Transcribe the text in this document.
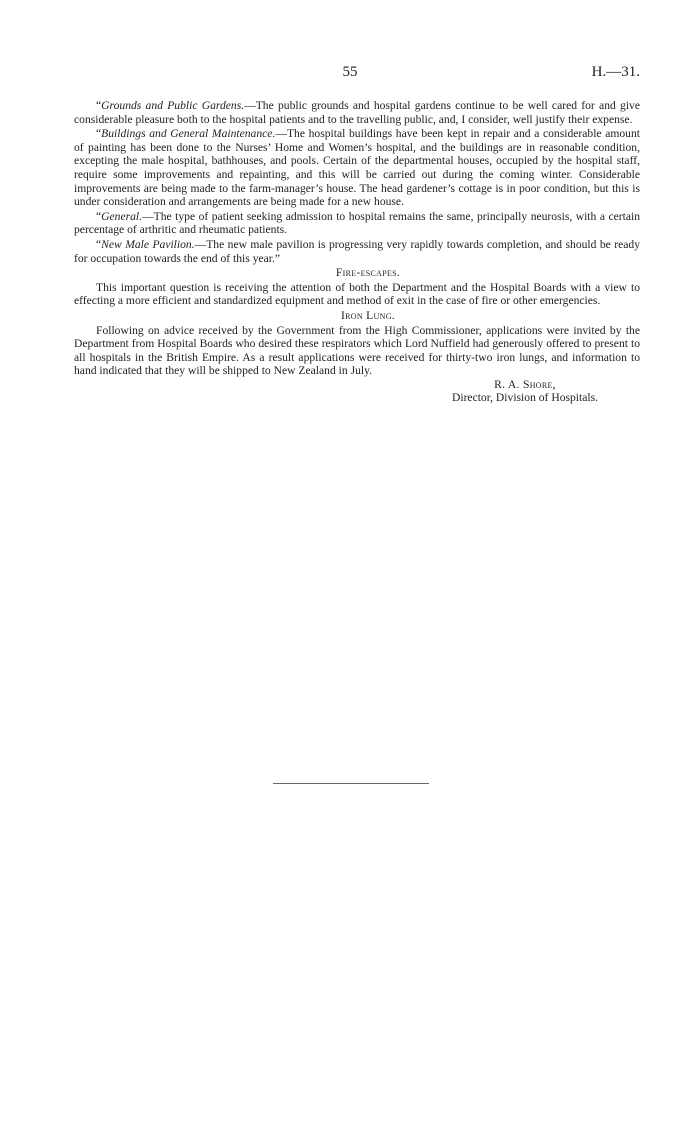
55	H.—31.

“Grounds and Public Gardens.—The public grounds and hospital gardens continue to be well cared for and give considerable pleasure both to the hospital patients and to the travelling public, and, I consider, well justify their expense.

“Buildings and General Maintenance.—The hospital buildings have been kept in repair and a considerable amount of painting has been done to the Nurses’ Home and Women’s hospital, and the buildings are in reasonable condition, excepting the male hospital, bathhouses, and pools. Certain of the departmental houses, occupied by the hospital staff, require some improvements and repainting, and this will be carried out during the coming winter. Considerable improvements are being made to the farm-manager’s house. The head gardener’s cottage is in poor condition, but this is under consideration and arrangements are being made for a new house.

“General.—The type of patient seeking admission to hospital remains the same, principally neurosis, with a certain percentage of arthritic and rheumatic patients.

“New Male Pavilion.—The new male pavilion is progressing very rapidly towards completion, and should be ready for occupation towards the end of this year.”

Fire-escapes.

This important question is receiving the attention of both the Department and the Hospital Boards with a view to effecting a more efficient and standardized equipment and method of exit in the case of fire or other emergencies.

Iron Lung.

Following on advice received by the Government from the High Commissioner, applications were invited by the Department from Hospital Boards who desired these respirators which Lord Nuffield had generously offered to present to all hospitals in the British Empire. As a result applications were received for thirty-two iron lungs, and information to hand indicated that they will be shipped to New Zealand in July.

R. A. Shore,
Director, Division of Hospitals.
